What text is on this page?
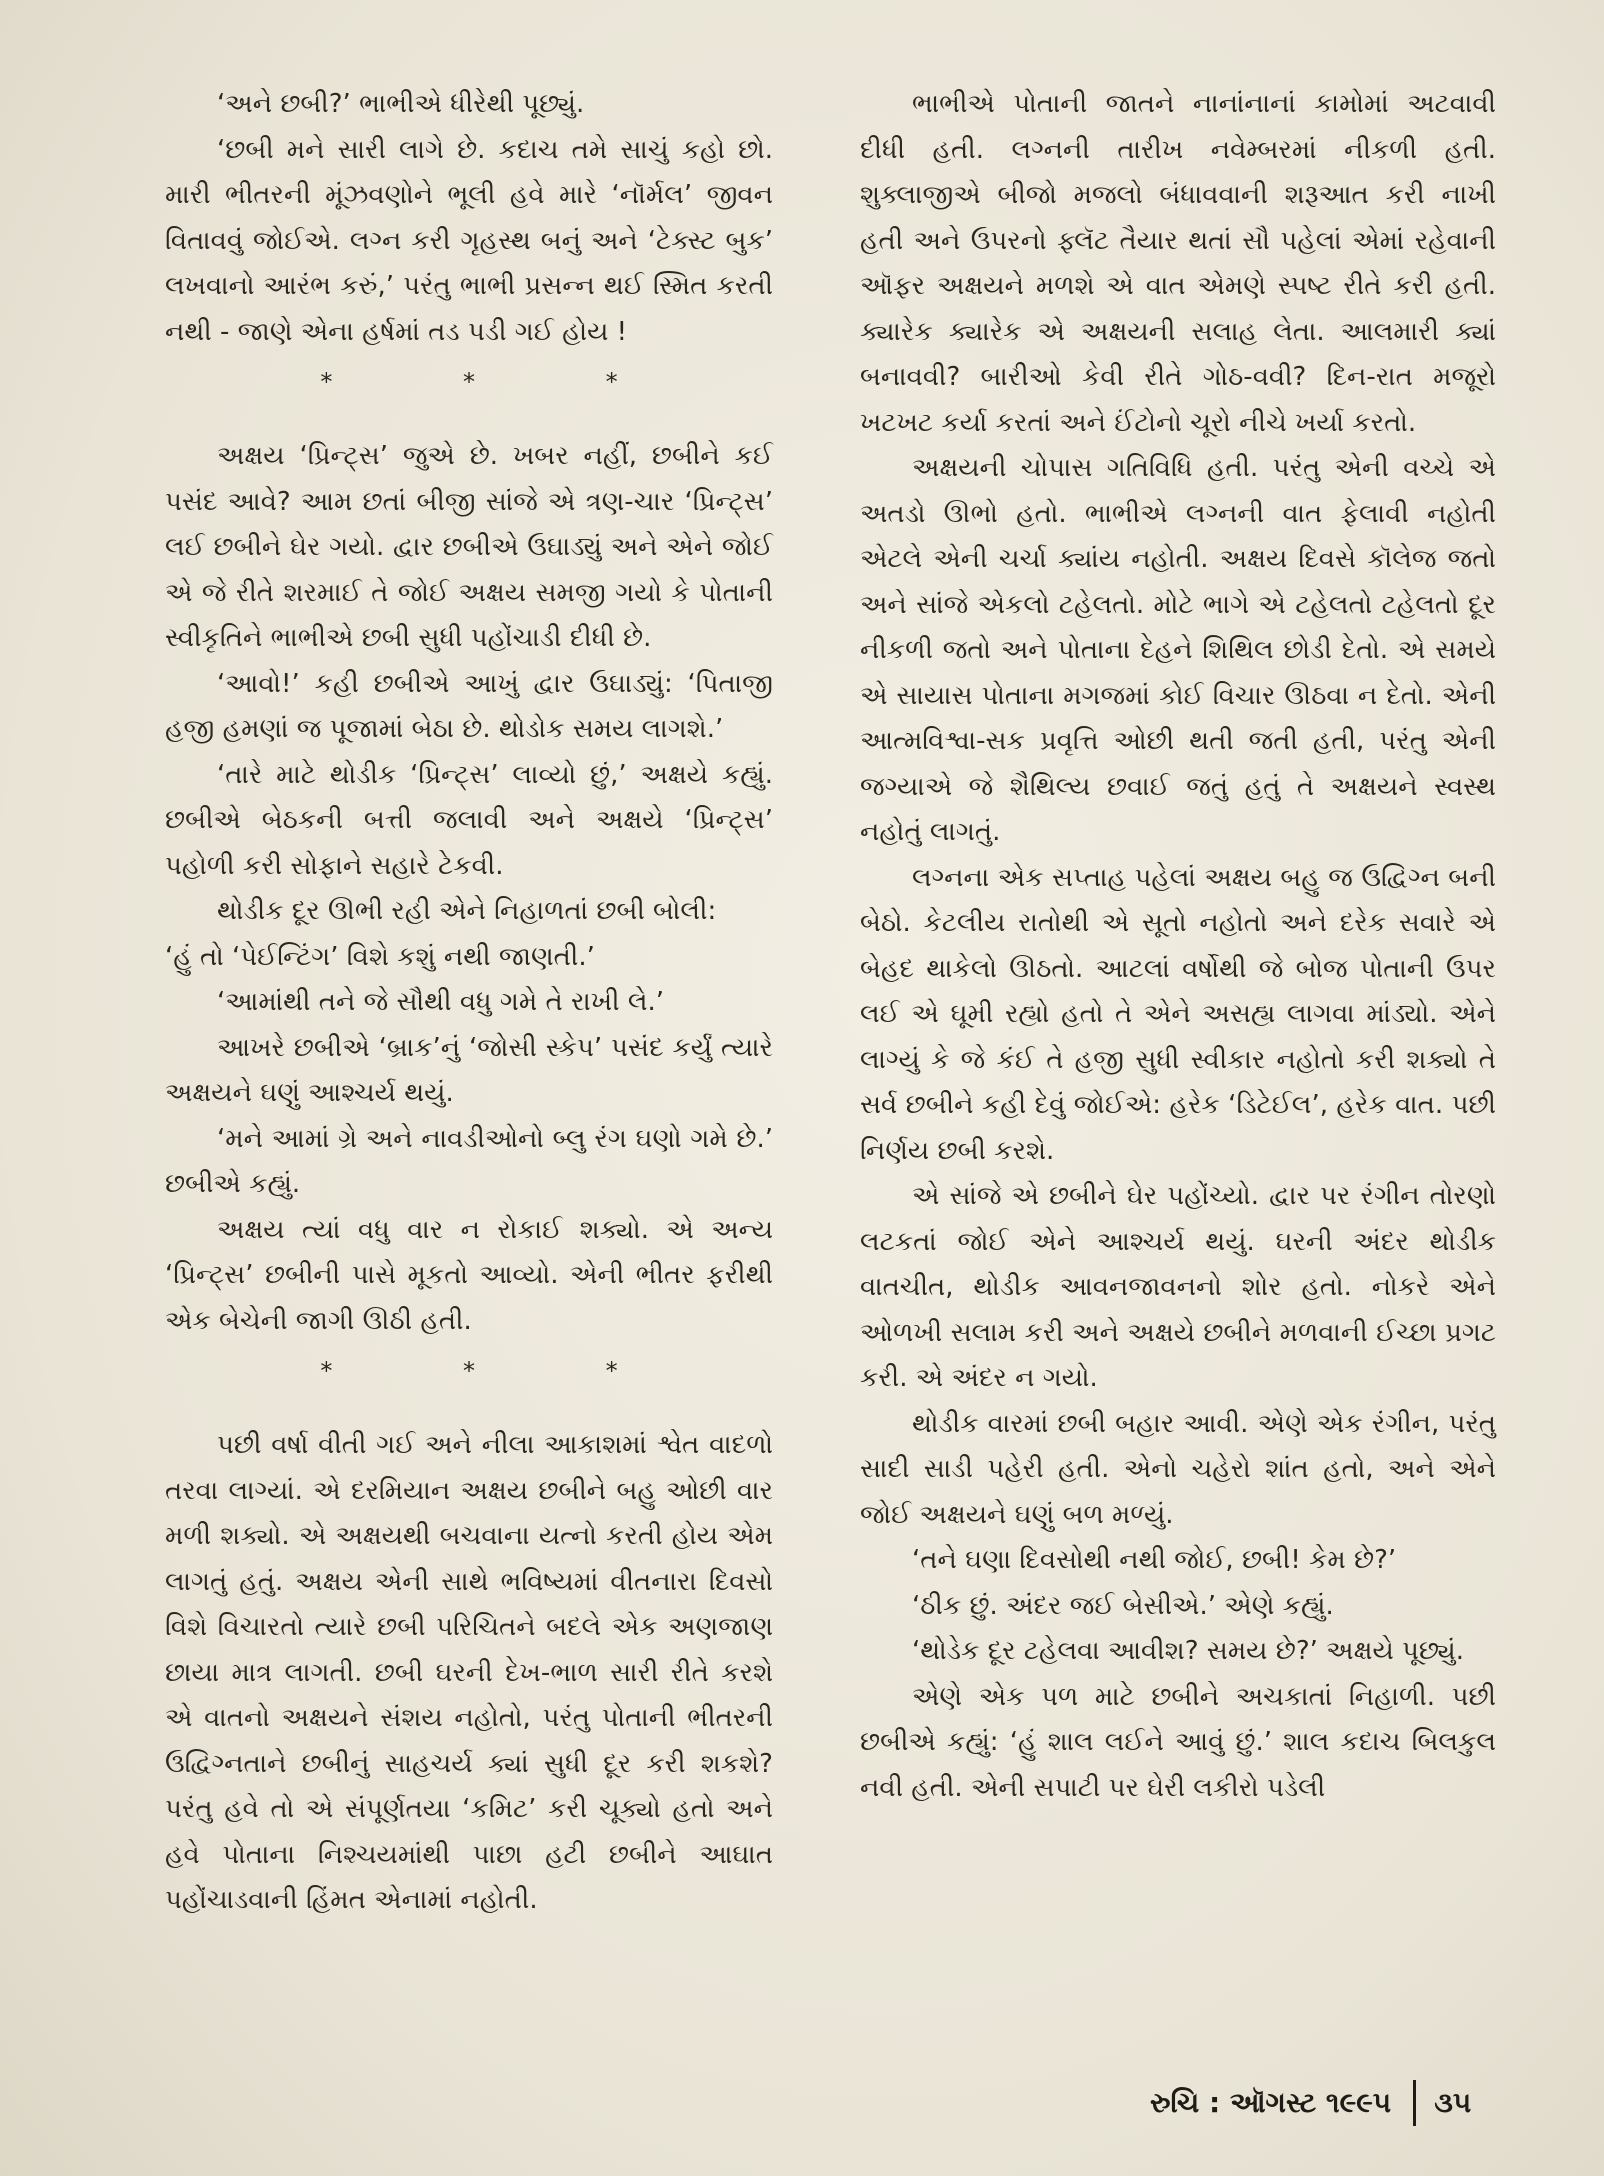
‘અને છબી?’ ભાભીએ ધીરેથી પૂછ્યું.

‘છબી મને સારી લાગે છે. કદાચ તમે સાચું કહો છો. મારી ભીતરની મૂંઝવણોને ભૂલી હવે મારે ‘નૉર્મલ’ જીવન વિતાવવું જોઈએ. લગ્ન કરી ગૃહસ્થ બનું અને ‘ટેક્સ્ટ બુક’ લખવાનો આરંભ કરું,’ પરંતુ ભાભી પ્રસન્ન થઈ સ્મિત કરતી નથી - જાણે એના હર્ષમાં તડ પડી ગઈ હોય !

*	*	*

અક્ષય ‘પ્રિન્ટ્સ’ જુએ છે. ખબર નહીં, છબીને કઈ પસંદ આવે? આમ છતાં બીજી સાંજે એ ત્રણ-ચાર ‘પ્રિન્ટ્સ’ લઈ છબીને ઘેર ગયો. દ્વાર છબીએ ઉઘાડ્યું અને એને જોઈ એ જે રીતે શરમાઈ તે જોઈ અક્ષય સમજી ગયો કે પોતાની સ્વીકૃતિને ભાભીએ છબી સુધી પહોંચાડી દીધી છે.

‘આવો!’ કહી છબીએ આખું દ્વાર ઉઘાડ્યું: ‘પિતાજી હજી હમણાં જ પૂજામાં બેઠા છે. થોડોક સમય લાગશે.’

‘તારે માટે થોડીક ‘પ્રિન્ટ્સ’ લાવ્યો છું,’ અક્ષયે કહ્યું. છબીએ બેઠકની બત્તી જલાવી અને અક્ષયે ‘પ્રિન્ટ્સ’ પહોળી કરી સોફાને સહારે ટેકવી.

થોડીક દૂર ઊભી રહી એને નિહાળતાં છબી બોલી:

‘હું તો ‘પેઈન્ટિંગ’ વિશે કશું નથી જાણતી.’

‘આમાંથી તને જે સૌથી વધુ ગમે તે રાખી લે.’

આખરે છબીએ ‘બ્રાક’નું ‘જોસી સ્કેપ’ પસંદ કર્યું ત્યારે અક્ષયને ઘણું આશ્ચર્ય થયું.

‘મને આમાં ગ્રે અને નાવડીઓનો બ્લુ રંગ ઘણો ગમે છે.’ છબીએ કહ્યું.

અક્ષય ત્યાં વધુ વાર ન રોકાઈ શક્યો. એ અન્ય ‘પ્રિન્ટ્સ’ છબીની પાસે મૂકતો આવ્યો. એની ભીતર ફરીથી એક બેચેની જાગી ઊઠી હતી.

*	*	*

પછી વર્ષા વીતી ગઈ અને નીલા આકાશમાં શ્વેત વાદળો તરવા લાગ્યાં. એ દરમિયાન અક્ષય છબીને બહુ ઓછી વાર મળી શક્યો. એ અક્ષયથી બચવાના યત્નો કરતી હોય એમ લાગતું હતું. અક્ષય એની સાથે ભવિષ્યમાં વીતનારા દિવસો વિશે વિચારતો ત્યારે છબી પરિચિતને બદલે એક અણજાણ છાયા માત્ર લાગતી. છબી ઘરની દેખ-ભાળ સારી રીતે કરશે એ વાતનો અક્ષયને સંશય નહોતો, પરંતુ પોતાની ભીતરની ઉદ્વિગ્નતાને છબીનું સાહચર્ય ક્યાં સુધી દૂર કરી શકશે? પરંતુ હવે તો એ સંપૂર્ણતયા ‘કમિટ’ કરી ચૂક્યો હતો અને હવે પોતાના નિશ્ચયમાંથી પાછા હટી છબીને આઘાત પહોંચાડવાની હિંમત એનામાં નહોતી.

ભાભીએ પોતાની જાતને નાનાંનાનાં કામોમાં અટવાવી દીધી હતી. લગ્નની તારીખ નવેમ્બરમાં નીકળી હતી. શુક્લાજીએ બીજો મજલો બંધાવવાની શરૂઆત કરી નાખી હતી અને ઉપરનો ફ્લૅટ તૈયાર થતાં સૌ પહેલાં એમાં રહેવાની ઑફર અક્ષયને મળશે એ વાત એમણે સ્પષ્ટ રીતે કરી હતી. ક્યારેક ક્યારેક એ અક્ષયની સલાહ લેતા. આલમારી ક્યાં બનાવવી? બારીઓ કેવી રીતે ગોઠ-વવી? દિન-રાત મજૂરો ખટખટ કર્યા કરતાં અને ઈંટોનો ચૂરો નીચે ખર્યા કરતો.

અક્ષયની ચોપાસ ગતિવિધિ હતી. પરંતુ એની વચ્ચે એ અતડો ઊભો હતો. ભાભીએ લગ્નની વાત ફેલાવી નહોતી એટલે એની ચર્ચા ક્યાંય નહોતી. અક્ષય દિવસે કૉલેજ જતો અને સાંજે એકલો ટહેલતો. મોટે ભાગે એ ટહેલતો ટહેલતો દૂર નીકળી જતો અને પોતાના દેહને શિથિલ છોડી દેતો. એ સમયે એ સાયાસ પોતાના મગજમાં કોઈ વિચાર ઊઠવા ન દેતો. એની આત્મવિશ્વા-સક પ્રવૃત્તિ ઓછી થતી જતી હતી, પરંતુ એની જગ્યાએ જે શૈથિલ્ય છવાઈ જતું હતું તે અક્ષયને સ્વસ્થ નહોતું લાગતું.

લગ્નના એક સપ્તાહ પહેલાં અક્ષય બહુ જ ઉદ્વિગ્ન બની બેઠો. કેટલીય રાતોથી એ સૂતો નહોતો અને દરેક સવારે એ બેહદ થાકેલો ઊઠતો. આટલાં વર્ષોથી જે બોજ પોતાની ઉપર લઈ એ ઘૂમી રહ્યો હતો તે એને અસહ્ય લાગવા માંડ્યો. એને લાગ્યું કે જે કંઈ તે હજી સુધી સ્વીકાર નહોતો કરી શક્યો તે સર્વ છબીને કહી દેવું જોઈએ: હરેક ‘ડિટેઈલ’, હરેક વાત. પછી નિર્ણય છબી કરશે.

એ સાંજે એ છબીને ઘેર પહોંચ્યો. દ્વાર પર રંગીન તોરણો લટકતાં જોઈ એને આશ્ચર્ય થયું. ઘરની અંદર થોડીક વાતચીત, થોડીક આવનજાવનનો શોર હતો. નોકરે એને ઓળખી સલામ કરી અને અક્ષયે છબીને મળવાની ઈચ્છા પ્રગટ કરી. એ અંદર ન ગયો.

થોડીક વારમાં છબી બહાર આવી. એણે એક રંગીન, પરંતુ સાદી સાડી પહેરી હતી. એનો ચહેરો શાંત હતો, અને એને જોઈ અક્ષયને ઘણું બળ મળ્યું.

‘તને ઘણા દિવસોથી નથી જોઈ, છબી! કેમ છે?’

‘ઠીક છું. અંદર જઈ બેસીએ.’ એણે કહ્યું.

‘થોડેક દૂર ટહેલવા આવીશ? સમય છે?’ અક્ષયે પૂછ્યું.

એણે એક પળ માટે છબીને અચકાતાં નિહાળી. પછી છબીએ કહ્યું: ‘હું શાલ લઈને આવું છું.’ શાલ કદાચ બિલકુલ નવી હતી. એની સપાટી પર ઘેરી લકીરો પડેલી

રુચિ : ઑગસ્ટ ૧૯૯૫ ૩૫
